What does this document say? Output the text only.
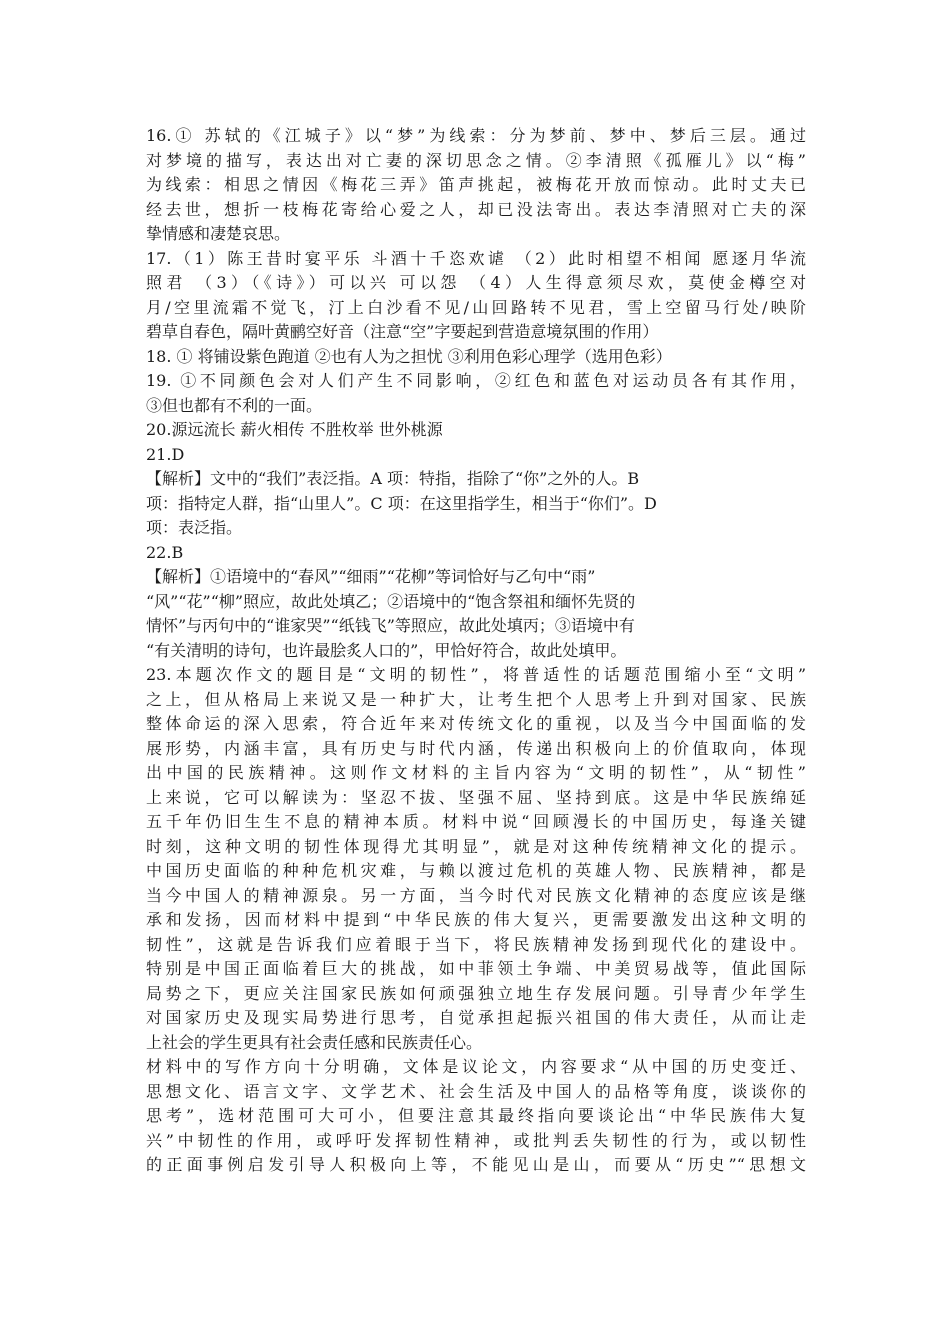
16.① 苏轼的《江城子》以“梦”为线索：分为梦前、梦中、梦后三层。通过
对梦境的描写，表达出对亡妻的深切思念之情。②李清照《孤雁儿》以“梅”
为线索：相思之情因《梅花三弄》笛声挑起，被梅花开放而惊动。此时丈夫已
经去世，想折一枝梅花寄给心爱之人，却已没法寄出。表达李清照对亡夫的深
挚情感和凄楚哀思。
17.（1）陈王昔时宴平乐 斗酒十千恣欢谑 （2）此时相望不相闻 愿逐月华流
照君 （3）（《诗》）可以兴 可以怨 （4）人生得意须尽欢，莫使金樽空对
月/空里流霜不觉飞，汀上白沙看不见/山回路转不见君，雪上空留马行处/映阶
碧草自春色，隔叶黄鹂空好音（注意“空”字要起到营造意境氛围的作用）
18. ① 将铺设紫色跑道 ②也有人为之担忧 ③利用色彩心理学（选用色彩）
19. ①不同颜色会对人们产生不同影响，②红色和蓝色对运动员各有其作用，
③但也都有不利的一面。
20.源远流长 薪火相传 不胜枚举 世外桃源
21.D
【解析】文中的“我们”表泛指。A 项：特指，指除了“你”之外的人。B
项：指特定人群，指“山里人”。C 项：在这里指学生，相当于“你们”。D
项：表泛指。
22.B
【解析】①语境中的“春风”“细雨”“花柳”等词恰好与乙句中“雨”
“风”“花”“柳”照应，故此处填乙；②语境中的“饱含祭祖和缅怀先贤的
情怀”与丙句中的“谁家哭”“纸钱飞”等照应，故此处填丙；③语境中有
“有关清明的诗句，也许最脍炙人口的”，甲恰好符合，故此处填甲。
23.本题次作文的题目是“文明的韧性”，将普适性的话题范围缩小至“文明”
之上，但从格局上来说又是一种扩大，让考生把个人思考上升到对国家、民族
整体命运的深入思索，符合近年来对传统文化的重视，以及当今中国面临的发
展形势，内涵丰富，具有历史与时代内涵，传递出积极向上的价值取向，体现
出中国的民族精神。这则作文材料的主旨内容为“文明的韧性”，从“韧性”
上来说，它可以解读为：坚忍不拔、坚强不屈、坚持到底。这是中华民族绵延
五千年仍旧生生不息的精神本质。材料中说“回顾漫长的中国历史，每逢关键
时刻，这种文明的韧性体现得尤其明显”，就是对这种传统精神文化的提示。
中国历史面临的种种危机灾难，与赖以渡过危机的英雄人物、民族精神，都是
当今中国人的精神源泉。另一方面，当今时代对民族文化精神的态度应该是继
承和发扬，因而材料中提到“中华民族的伟大复兴，更需要激发出这种文明的
韧性”，这就是告诉我们应着眼于当下，将民族精神发扬到现代化的建设中。
特别是中国正面临着巨大的挑战，如中菲领土争端、中美贸易战等，值此国际
局势之下，更应关注国家民族如何顽强独立地生存发展问题。引导青少年学生
对国家历史及现实局势进行思考，自觉承担起振兴祖国的伟大责任，从而让走
上社会的学生更具有社会责任感和民族责任心。
材料中的写作方向十分明确，文体是议论文，内容要求“从中国的历史变迁、
思想文化、语言文字、文学艺术、社会生活及中国人的品格等角度，谈谈你的
思考”，选材范围可大可小，但要注意其最终指向要谈论出“中华民族伟大复
兴”中韧性的作用，或呼吁发挥韧性精神，或批判丢失韧性的行为，或以韧性
的正面事例启发引导人积极向上等，不能见山是山，而要从“历史”“思想文
